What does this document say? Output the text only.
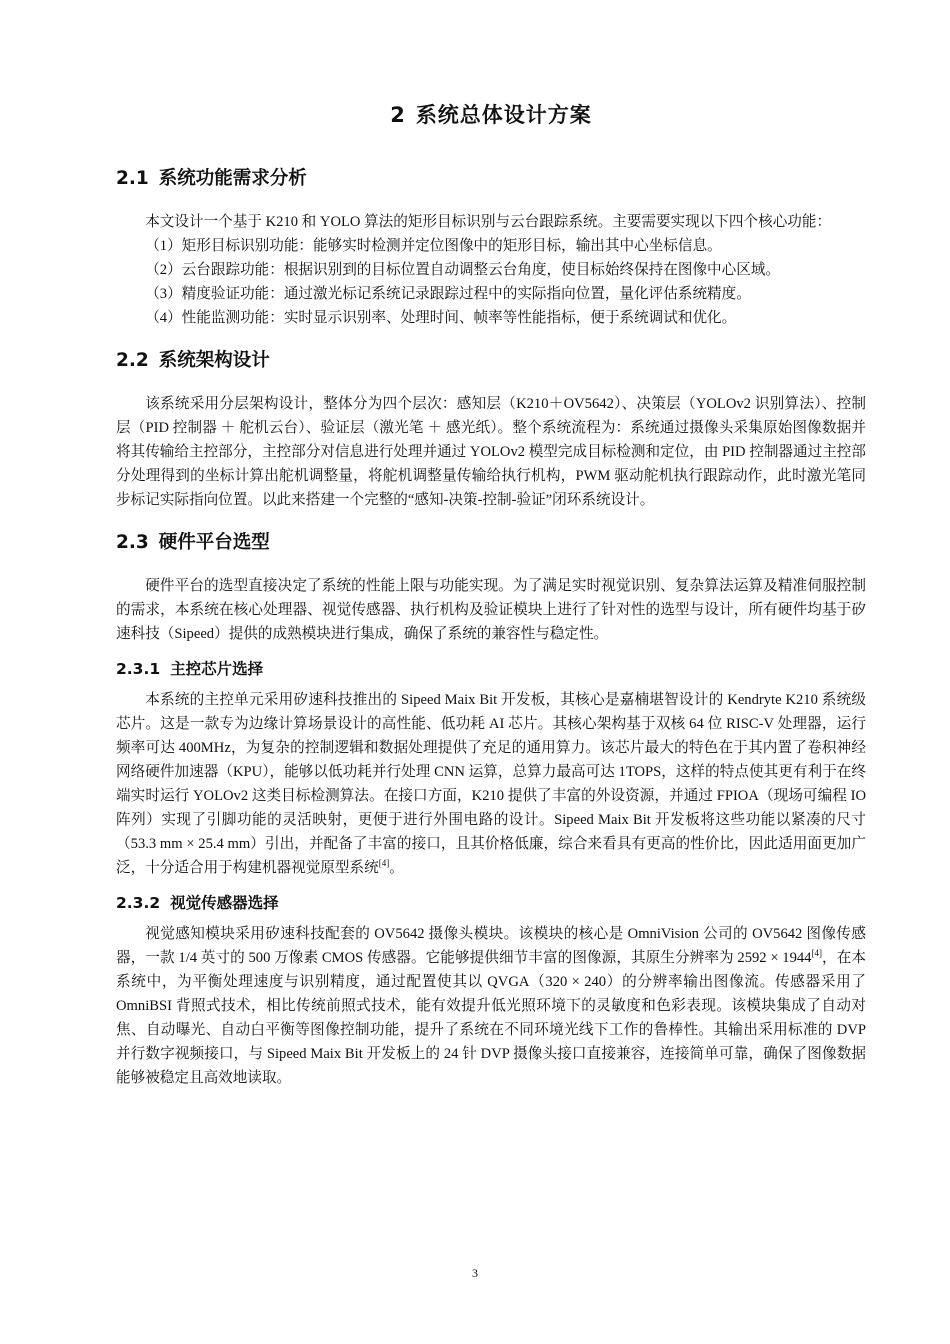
2 系统总体设计方案
2.1 系统功能需求分析

本文设计一个基于 K210 和 YOLO 算法的矩形目标识别与云台跟踪系统。主要需要实现以下四个核心功能：

（1）矩形目标识别功能：能够实时检测并定位图像中的矩形目标，输出其中心坐标信息。
（2）云台跟踪功能：根据识别到的目标位置自动调整云台角度，使目标始终保持在图像中心区域。
（3）精度验证功能：通过激光标记系统记录跟踪过程中的实际指向位置，量化评估系统精度。
（4）性能监测功能：实时显示识别率、处理时间、帧率等性能指标，便于系统调试和优化。
2.2 系统架构设计

该系统采用分层架构设计，整体分为四个层次：感知层（K210＋OV5642）、决策层（YOLOv2 识别算法）、控制层（PID 控制器 ＋ 舵机云台）、验证层（激光笔 ＋ 感光纸）。整个系统流程为：系统通过摄像头采集原始图像数据并将其传输给主控部分，主控部分对信息进行处理并通过 YOLOv2 模型完成目标检测和定位，由 PID 控制器通过主控部分处理得到的坐标计算出舵机调整量，将舵机调整量传输给执行机构，PWM 驱动舵机执行跟踪动作，此时激光笔同步标记实际指向位置。以此来搭建一个完整的“感知-决策-控制-验证”闭环系统设计。

2.3 硬件平台选型

硬件平台的选型直接决定了系统的性能上限与功能实现。为了满足实时视觉识别、复杂算法运算及精准伺服控制的需求，本系统在核心处理器、视觉传感器、执行机构及验证模块上进行了针对性的选型与设计，所有硬件均基于矽速科技（Sipeed）提供的成熟模块进行集成，确保了系统的兼容性与稳定性。

2.3.1 主控芯片选择

本系统的主控单元采用矽速科技推出的 Sipeed Maix Bit 开发板，其核心是嘉楠堪智设计的 Kendryte K210 系统级芯片。这是一款专为边缘计算场景设计的高性能、低功耗 AI 芯片。其核心架构基于双核 64 位 RISC-V 处理器，运行频率可达 400MHz，为复杂的控制逻辑和数据处理提供了充足的通用算力。该芯片最大的特色在于其内置了卷积神经网络硬件加速器（KPU），能够以低功耗并行处理 CNN 运算，总算力最高可达 1TOPS，这样的特点使其更有利于在终端实时运行 YOLOv2 这类目标检测算法。在接口方面，K210 提供了丰富的外设资源，并通过 FPIOA（现场可编程 IO 阵列）实现了引脚功能的灵活映射，更便于进行外围电路的设计。Sipeed Maix Bit 开发板将这些功能以紧凑的尺寸（53.3 mm × 25.4 mm）引出，并配备了丰富的接口，且其价格低廉，综合来看具有更高的性价比，因此适用面更加广泛，十分适合用于构建机器视觉原型系统[4]。

2.3.2 视觉传感器选择

视觉感知模块采用矽速科技配套的 OV5642 摄像头模块。该模块的核心是 OmniVision 公司的 OV5642 图像传感器，一款 1/4 英寸的 500 万像素 CMOS 传感器。它能够提供细节丰富的图像源，其原生分辨率为 2592 × 1944[4]，在本系统中，为平衡处理速度与识别精度，通过配置使其以 QVGA（320 × 240）的分辨率输出图像流。传感器采用了 OmniBSI 背照式技术，相比传统前照式技术，能有效提升低光照环境下的灵敏度和色彩表现。该模块集成了自动对焦、自动曝光、自动白平衡等图像控制功能，提升了系统在不同环境光线下工作的鲁棒性。其输出采用标准的 DVP 并行数字视频接口，与 Sipeed Maix Bit 开发板上的 24 针 DVP 摄像头接口直接兼容，连接简单可靠，确保了图像数据能够被稳定且高效地读取。

3
